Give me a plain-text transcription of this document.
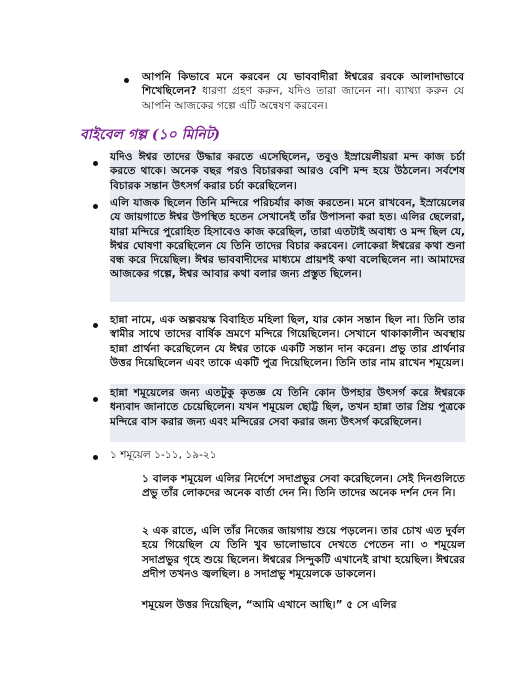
আপনি কিভাবে মনে করবেন যে ভাববাদীরা ঈশ্বরের রবকে আলাদাভাবে শিখেছিলেন? ধারণা গ্রহণ করুন, যদিও তারা জানেন না। ব্যাখ্যা করুন যে আপনি আজকের গল্পে এটি অন্বেষণ করবেন।

বাইবেল গল্প (১০ মিনিট)

যদিও ঈশ্বর তাদের উদ্ধার করতে এসেছিলেন, তবুও ইস্রায়েলীয়রা মন্দ কাজ চর্চা করতে থাকে। অনেক বছর পরও বিচারকরা আরও বেশি মন্দ হয়ে উঠলেন। সর্বশেষ বিচারক সন্তান উৎসর্গ করার চর্চা করেছিলেন।

এলি যাজক ছিলেন তিনি মন্দিরে পরিচর্যার কাজ করতেন। মনে রাখবেন, ইস্রায়েলের যে জায়গাতে ঈশ্বর উপস্থিত হতেন সেখানেই তাঁর উপাসনা করা হত। এলির ছেলেরা, যারা মন্দিরে পুরোহিত হিসাবেও কাজ করেছিল, তারা এতটাই অবাধ্য ও মন্দ ছিল যে, ঈশ্বর ঘোষণা করেছিলেন যে তিনি তাদের বিচার করবেন। লোকেরা ঈশ্বরের কথা শুনা বন্ধ করে দিয়েছিল। ঈশ্বর ভাববাদীদের মাধ্যমে প্রায়শই কথা বলেছিলেন না। আমাদের আজকের গল্পে, ঈশ্বর আবার কথা বলার জন্য প্রস্তুত ছিলেন।

হান্না নামে, এক অল্পবয়স্ক বিবাহিত মহিলা ছিল, যার কোন সন্তান ছিল না। তিনি তার স্বামীর সাথে তাদের বার্ষিক ভ্রমণে মন্দিরে গিয়েছিলেন। সেখানে থাকাকালীন অবস্থায় হান্না প্রার্থনা করেছিলেন যে ঈশ্বর তাকে একটি সন্তান দান করেন। প্রভু তার প্রার্থনার উত্তর দিয়েছিলেন এবং তাকে একটি পুত্র দিয়েছিলেন। তিনি তার নাম রাখেন শমূয়েল।

হান্না শমূয়েলের জন্য এতটুকু কৃতজ্ঞ যে তিনি কোন উপহার উৎসর্গ করে ঈশ্বরকে ধন্যবাদ জানাতে চেয়েছিলেন। যখন শমূয়েল ছোট্ট ছিল, তখন হান্না তার প্রিয় পুত্রকে মন্দিরে বাস করার জন্য এবং মন্দিরের সেবা করার জন্য উৎসর্গ করেছিলেন।

১ শমূয়েল ১-১১, ১৯-২১

১ বালক শমূয়েল এলির নির্দেশে সদাপ্রভুর সেবা করেছিলেন। সেই দিনগুলিতে প্রভু তাঁর লোকদের অনেক বার্তা দেন নি। তিনি তাদের অনেক দর্শন দেন নি।

২ এক রাতে, এলি তাঁর নিজের জায়গায় শুয়ে পড়লেন। তার চোখ এত দুর্বল হয়ে গিয়েছিল যে তিনি খুব ভালোভাবে দেখতে পেতেন না। ৩ শমূয়েল সদাপ্রভুর গৃহে শুয়ে ছিলেন। ঈশ্বরের সিন্দুকটি এখানেই রাখা হয়েছিল। ঈশ্বরের প্রদীপ তখনও জ্বলছিল। ৪ সদাপ্রভু শমূয়েলকে ডাকলেন।

শমূয়েল উত্তর দিয়েছিল, “আমি এখানে আছি।” ৫ সে এলির
